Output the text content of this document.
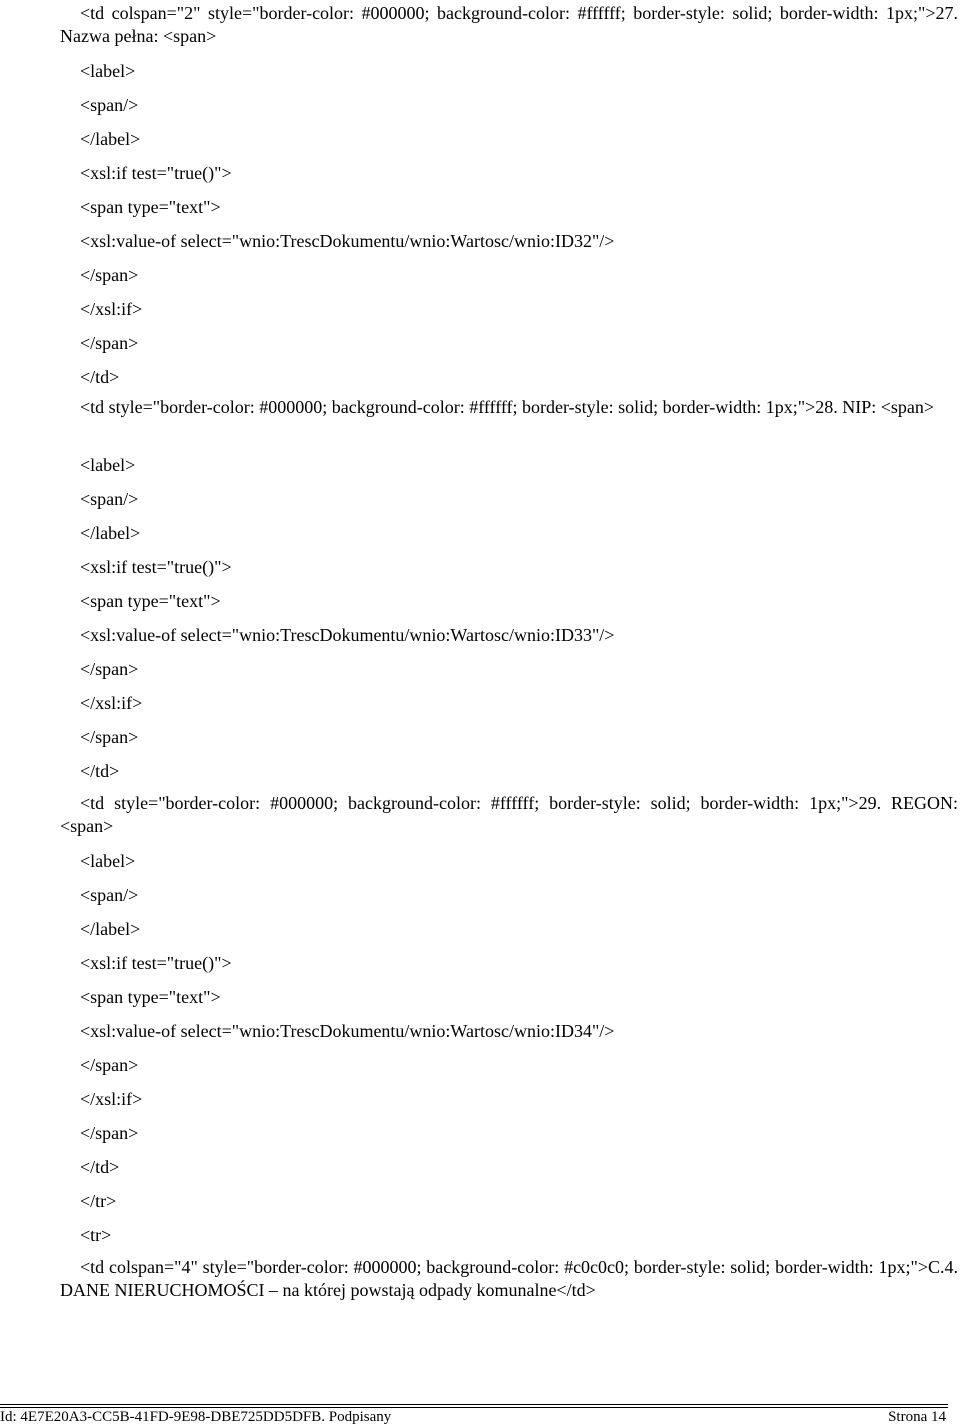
<td colspan="2" style="border-color: #000000; background-color: #ffffff; border-style: solid; border-width: 1px;">27. Nazwa pełna: <span>
<label>
<span/>
</label>
<xsl:if test="true()">
<span type="text">
<xsl:value-of select="wnio:TrescDokumentu/wnio:Wartosc/wnio:ID32"/>
</span>
</xsl:if>
</span>
</td>
<td style="border-color: #000000; background-color: #ffffff; border-style: solid; border-width: 1px;">28. NIP: <span>
<label>
<span/>
</label>
<xsl:if test="true()">
<span type="text">
<xsl:value-of select="wnio:TrescDokumentu/wnio:Wartosc/wnio:ID33"/>
</span>
</xsl:if>
</span>
</td>
<td style="border-color: #000000; background-color: #ffffff; border-style: solid; border-width: 1px;">29. REGON: <span>
<label>
<span/>
</label>
<xsl:if test="true()">
<span type="text">
<xsl:value-of select="wnio:TrescDokumentu/wnio:Wartosc/wnio:ID34"/>
</span>
</xsl:if>
</span>
</td>
</tr>
<tr>
<td colspan="4" style="border-color: #000000; background-color: #c0c0c0; border-style: solid; border-width: 1px;">C.4. DANE NIERUCHOMOŚCI – na której powstają odpady komunalne</td>
Id: 4E7E20A3-CC5B-41FD-9E98-DBE725DD5DFB. Podpisany	Strona 14
